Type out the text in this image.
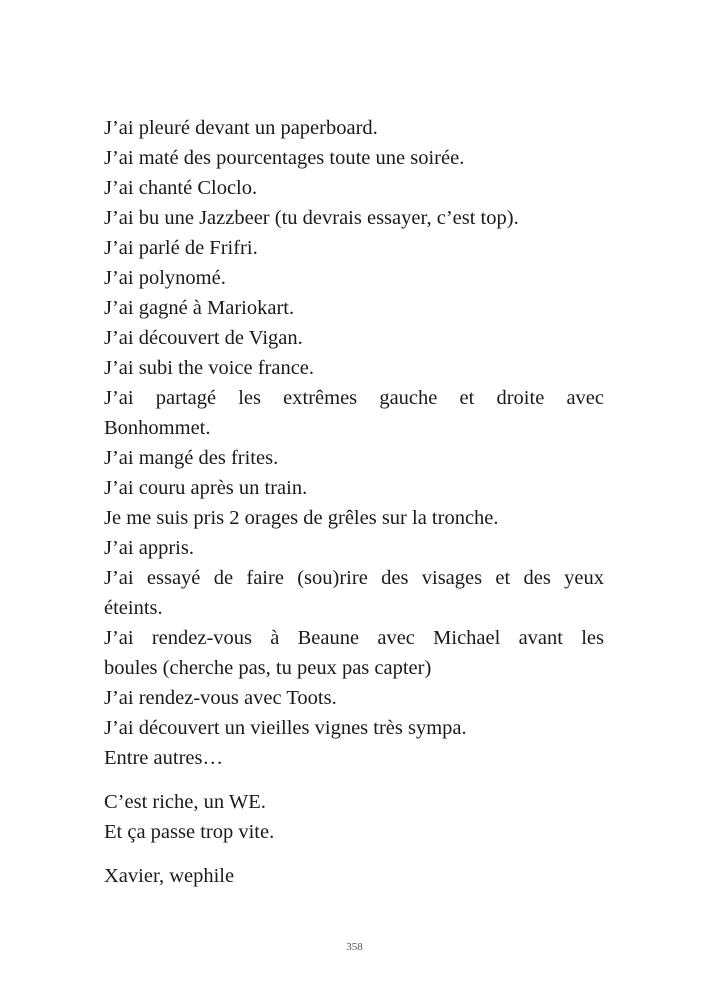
J’ai pleuré devant un paperboard.

J’ai maté des pourcentages toute une soirée.

J’ai chanté Cloclo.

J’ai bu une Jazzbeer (tu devrais essayer, c’est top).

J’ai parlé de Frifri.

J’ai polynomé.

J’ai gagné à Mariokart.

J’ai découvert de Vigan.

J’ai subi the voice france.

J’ai partagé les extrêmes gauche et droite avec

Bonhommet.

J’ai mangé des frites.

J’ai couru après un train.

Je me suis pris 2 orages de grêles sur la tronche.

J’ai appris.

J’ai essayé de faire (sou)rire des visages et des yeux

éteints.

J’ai rendez-vous à Beaune avec Michael avant les

boules (cherche pas, tu peux pas capter)

J’ai rendez-vous avec Toots.

J’ai découvert un vieilles vignes très sympa.

Entre autres…

C’est riche, un WE.

Et ça passe trop vite.

Xavier, wephile

358
